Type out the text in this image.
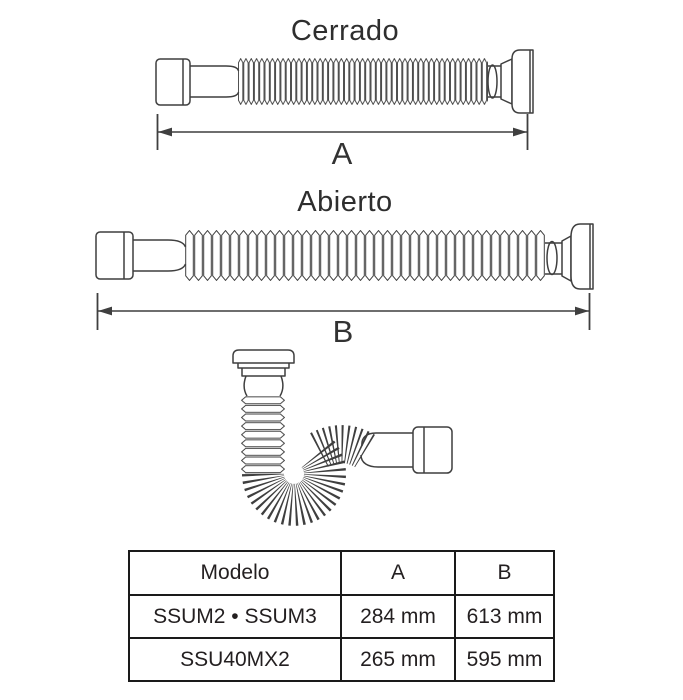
Cerrado
A
Abierto
B
Modelo	A	B
SSUM2 • SSUM3	284 mm	613 mm
SSU40MX2	265 mm	595 mm
